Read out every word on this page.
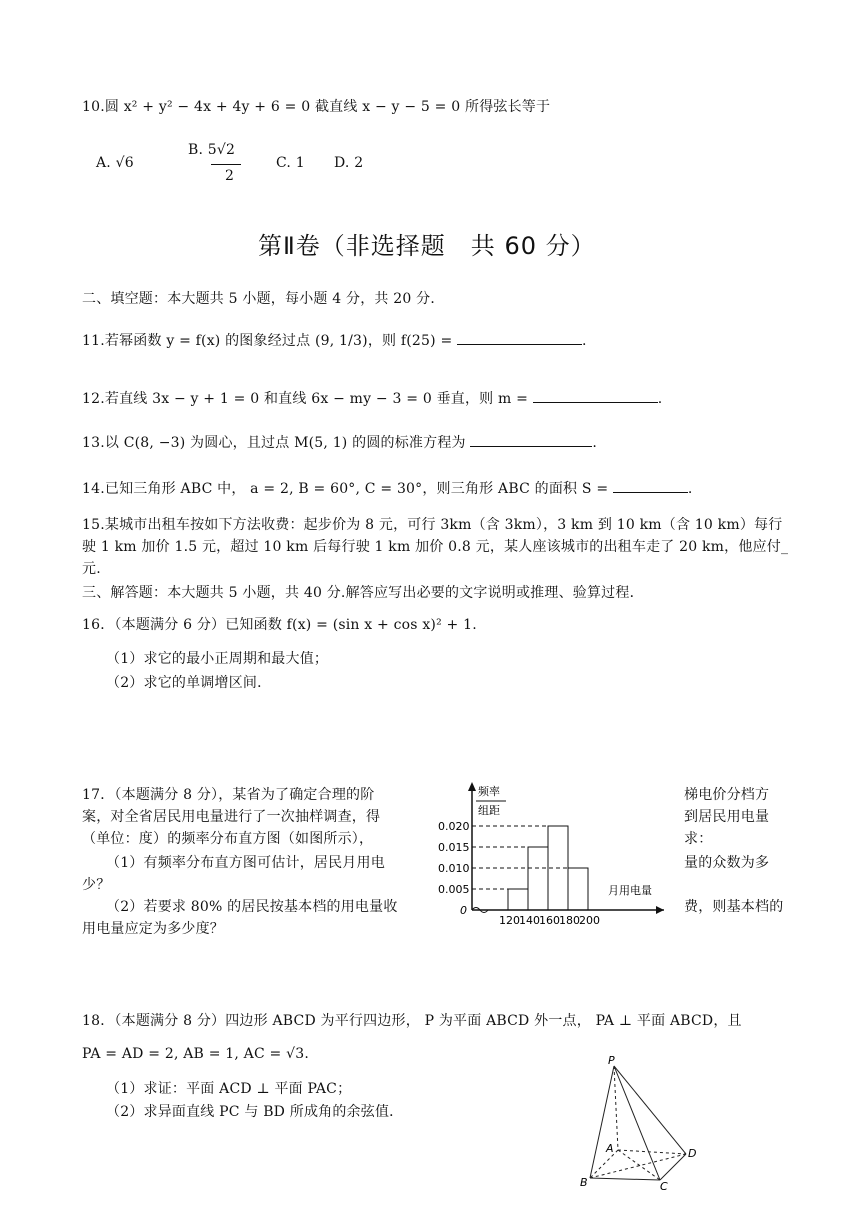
10.圆 x² + y² − 4x + 4y + 6 = 0 截直线 x − y − 5 = 0 所得弦长等于
A. √6
B. 5√2
2
C. 1 D. 2
第Ⅱ卷（非选择题　共 60 分）
二、填空题：本大题共 5 小题，每小题 4 分，共 20 分．
11.若幂函数 y = f(x) 的图象经过点 (9, 1/3)，则 f(25) =	.
12.若直线 3x − y + 1 = 0 和直线 6x − my − 3 = 0 垂直，则 m =	.
13.以 C(8, −3) 为圆心，且过点 M(5, 1) 的圆的标准方程为	.
14.已知三角形 ABC 中， a = 2, B = 60°, C = 30°，则三角形 ABC 的面积 S =	.
15.某城市出租车按如下方法收费：起步价为 8 元，可行 3km（含 3km），3 km 到 10 km（含 10 km）每行
驶 1 km 加价 1.5 元，超过 10 km 后每行驶 1 km 加价 0.8 元，某人座该城市的出租车走了 20 km，他应付_
元.
三、解答题：本大题共 5 小题，共 40 分.解答应写出必要的文字说明或推理、验算过程．
16．（本题满分 6 分）已知函数 f(x) = (sin x + cos x)² + 1.
（1）求它的最小正周期和最大值；
（2）求它的单调增区间．
17．（本题满分 8 分），某省为了确定合理的阶	梯电价分档方
案，对全省居民用电量进行了一次抽样调查，得	到居民用电量
（单位：度）的频率分布直方图（如图所示），	求：
（1）有频率分布直方图可估计，居民月用电	量的众数为多
少？
（2）若要求 80% 的居民按基本档的用电量收	费，则基本档的
用电量应定为多少度？
频率
组距
月用电量
0
0.020
0.015
0.010
0.005
120 140 160 180 200
18．（本题满分 8 分）四边形 ABCD 为平行四边形， P 为平面 ABCD 外一点， PA ⊥ 平面 ABCD，且
PA = AD = 2, AB = 1, AC = √3.
（1）求证：平面 ACD ⊥ 平面 PAC；
（2）求异面直线 PC 与 BD 所成角的余弦值．
P
A
B	C
D
